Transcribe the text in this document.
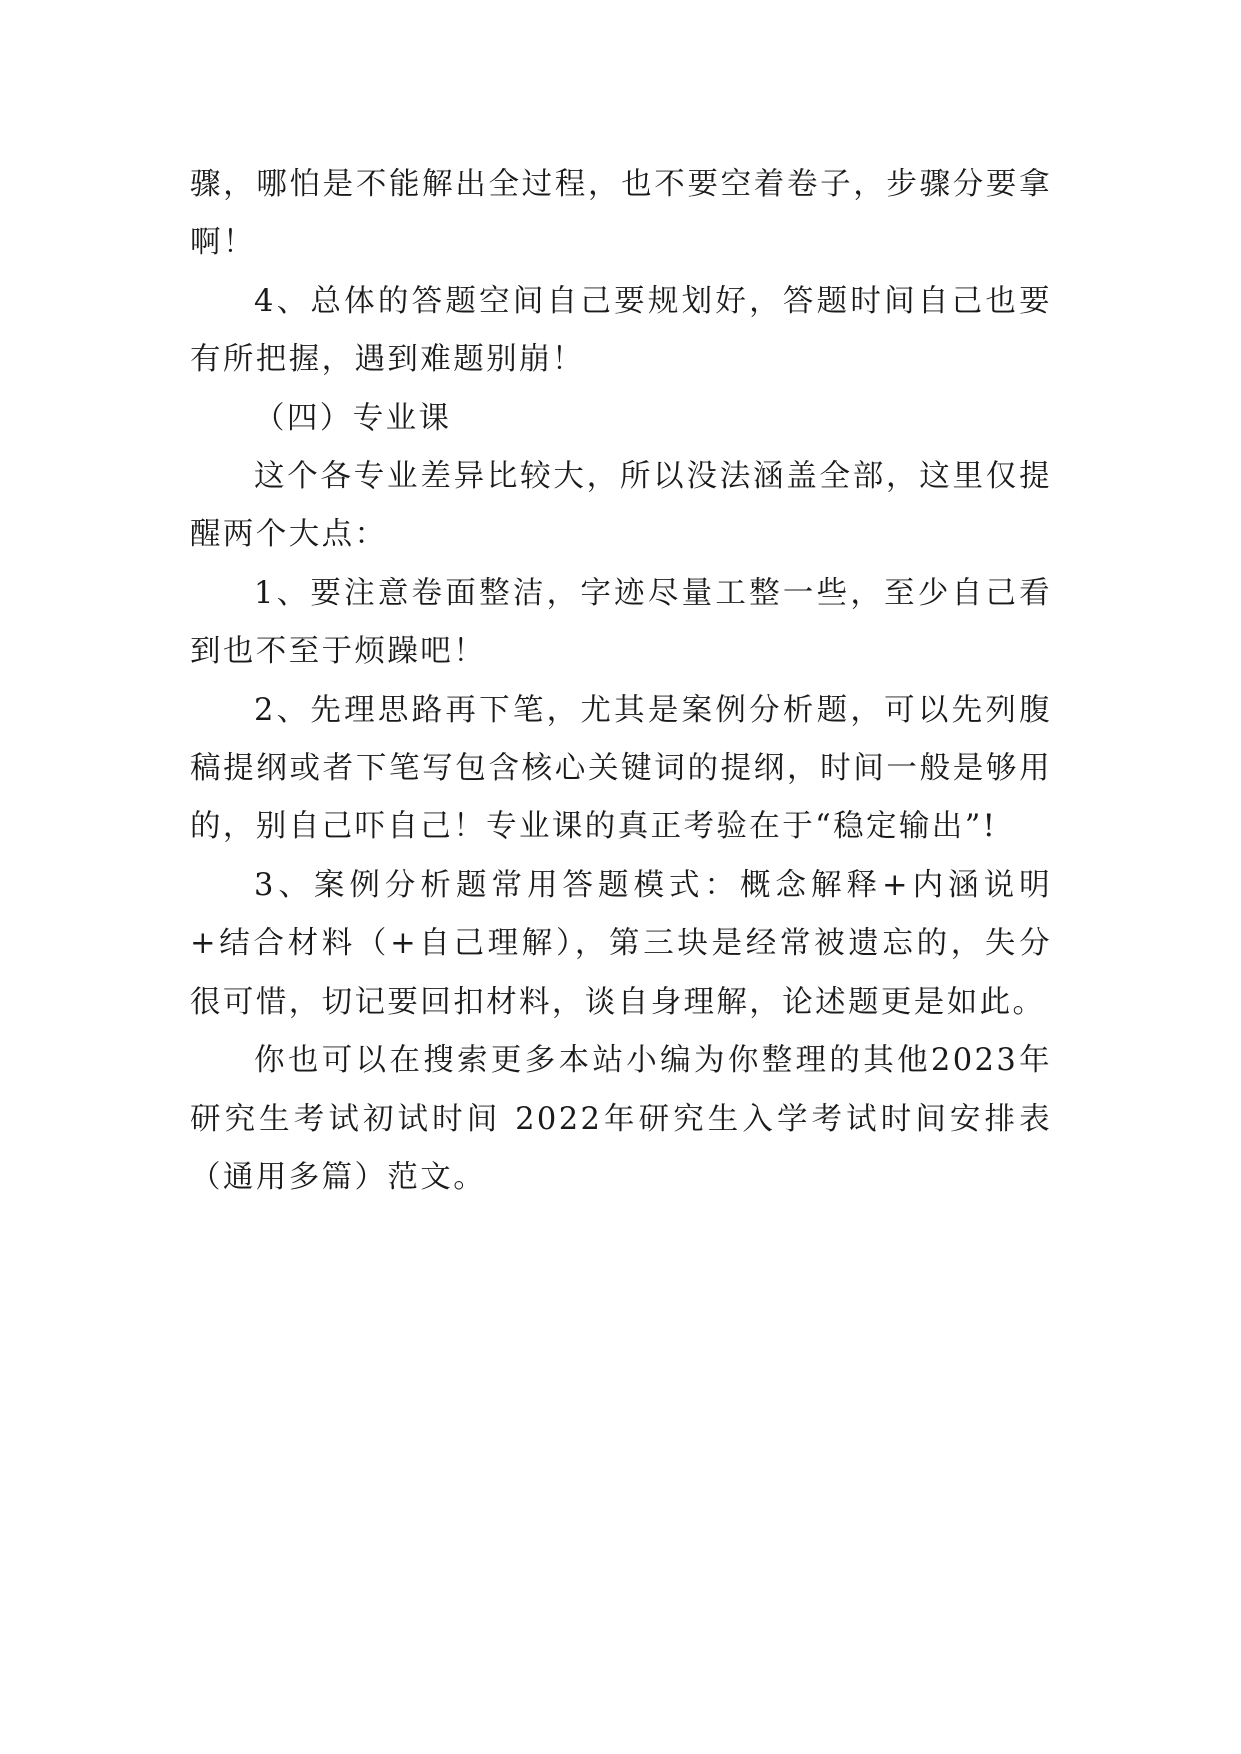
骤，哪怕是不能解出全过程，也不要空着卷子，步骤分要拿啊！

4、总体的答题空间自己要规划好，答题时间自己也要有所把握，遇到难题别崩！

（四）专业课

这个各专业差异比较大，所以没法涵盖全部，这里仅提醒两个大点：

1、要注意卷面整洁，字迹尽量工整一些，至少自己看到也不至于烦躁吧！

2、先理思路再下笔，尤其是案例分析题，可以先列腹稿提纲或者下笔写包含核心关键词的提纲，时间一般是够用的，别自己吓自己！专业课的真正考验在于“稳定输出”!

3、案例分析题常用答题模式：概念解释+内涵说明+结合材料（+自己理解），第三块是经常被遗忘的，失分很可惜，切记要回扣材料，谈自身理解，论述题更是如此。

你也可以在搜索更多本站小编为你整理的其他2023年研究生考试初试时间 2022年研究生入学考试时间安排表（通用多篇）范文。
